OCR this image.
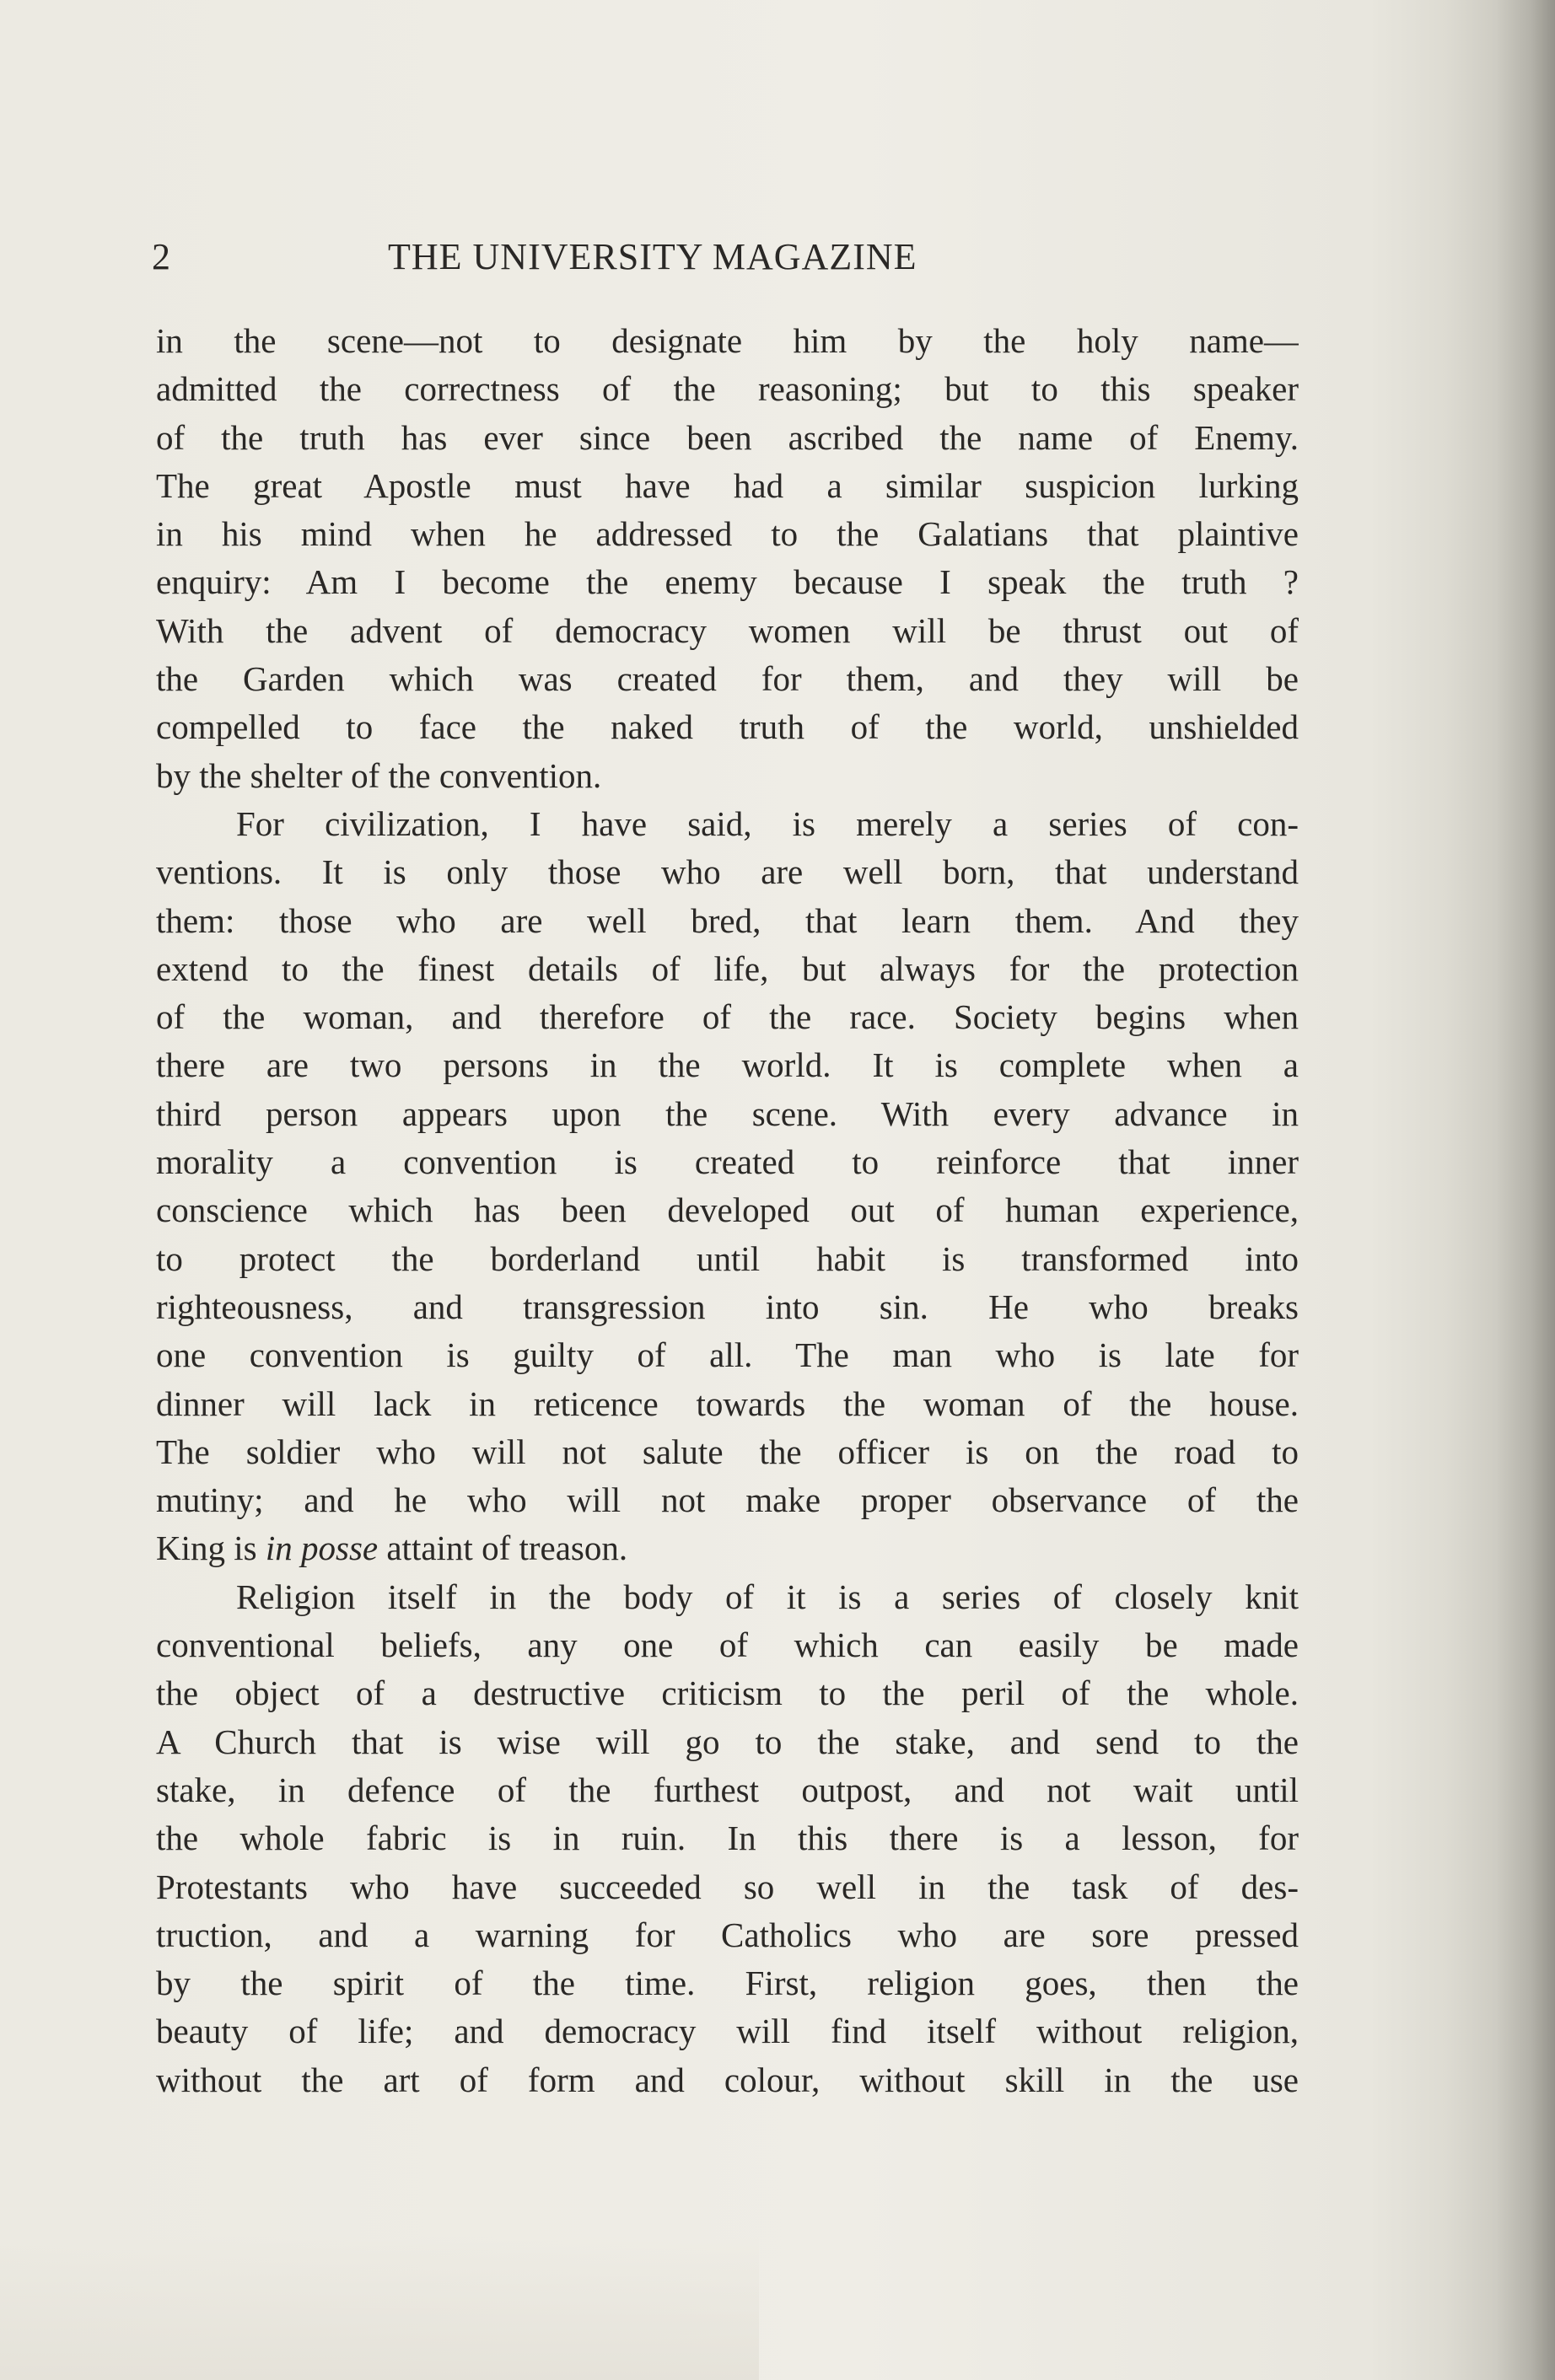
2	THE UNIVERSITY MAGAZINE
in the scene—not to designate him by the holy name—
admitted the correctness of the reasoning; but to this speaker
of the truth has ever since been ascribed the name of Enemy.
The great Apostle must have had a similar suspicion lurking
in his mind when he addressed to the Galatians that plaintive
enquiry: Am I become the enemy because I speak the truth ?
With the advent of democracy women will be thrust out of
the Garden which was created for them, and they will be
compelled to face the naked truth of the world, unshielded
by the shelter of the convention.
For civilization, I have said, is merely a series of con-
ventions. It is only those who are well born, that understand
them: those who are well bred, that learn them. And they
extend to the finest details of life, but always for the protection
of the woman, and therefore of the race. Society begins when
there are two persons in the world. It is complete when a
third person appears upon the scene. With every advance in
morality a convention is created to reinforce that inner
conscience which has been developed out of human experience,
to protect the borderland until habit is transformed into
righteousness, and transgression into sin. He who breaks
one convention is guilty of all. The man who is late for
dinner will lack in reticence towards the woman of the house.
The soldier who will not salute the officer is on the road to
mutiny; and he who will not make proper observance of the
King is in posse attaint of treason.
Religion itself in the body of it is a series of closely knit
conventional beliefs, any one of which can easily be made
the object of a destructive criticism to the peril of the whole.
A Church that is wise will go to the stake, and send to the
stake, in defence of the furthest outpost, and not wait until
the whole fabric is in ruin. In this there is a lesson, for
Protestants who have succeeded so well in the task of des-
truction, and a warning for Catholics who are sore pressed
by the spirit of the time. First, religion goes, then the
beauty of life; and democracy will find itself without religion,
without the art of form and colour, without skill in the use
